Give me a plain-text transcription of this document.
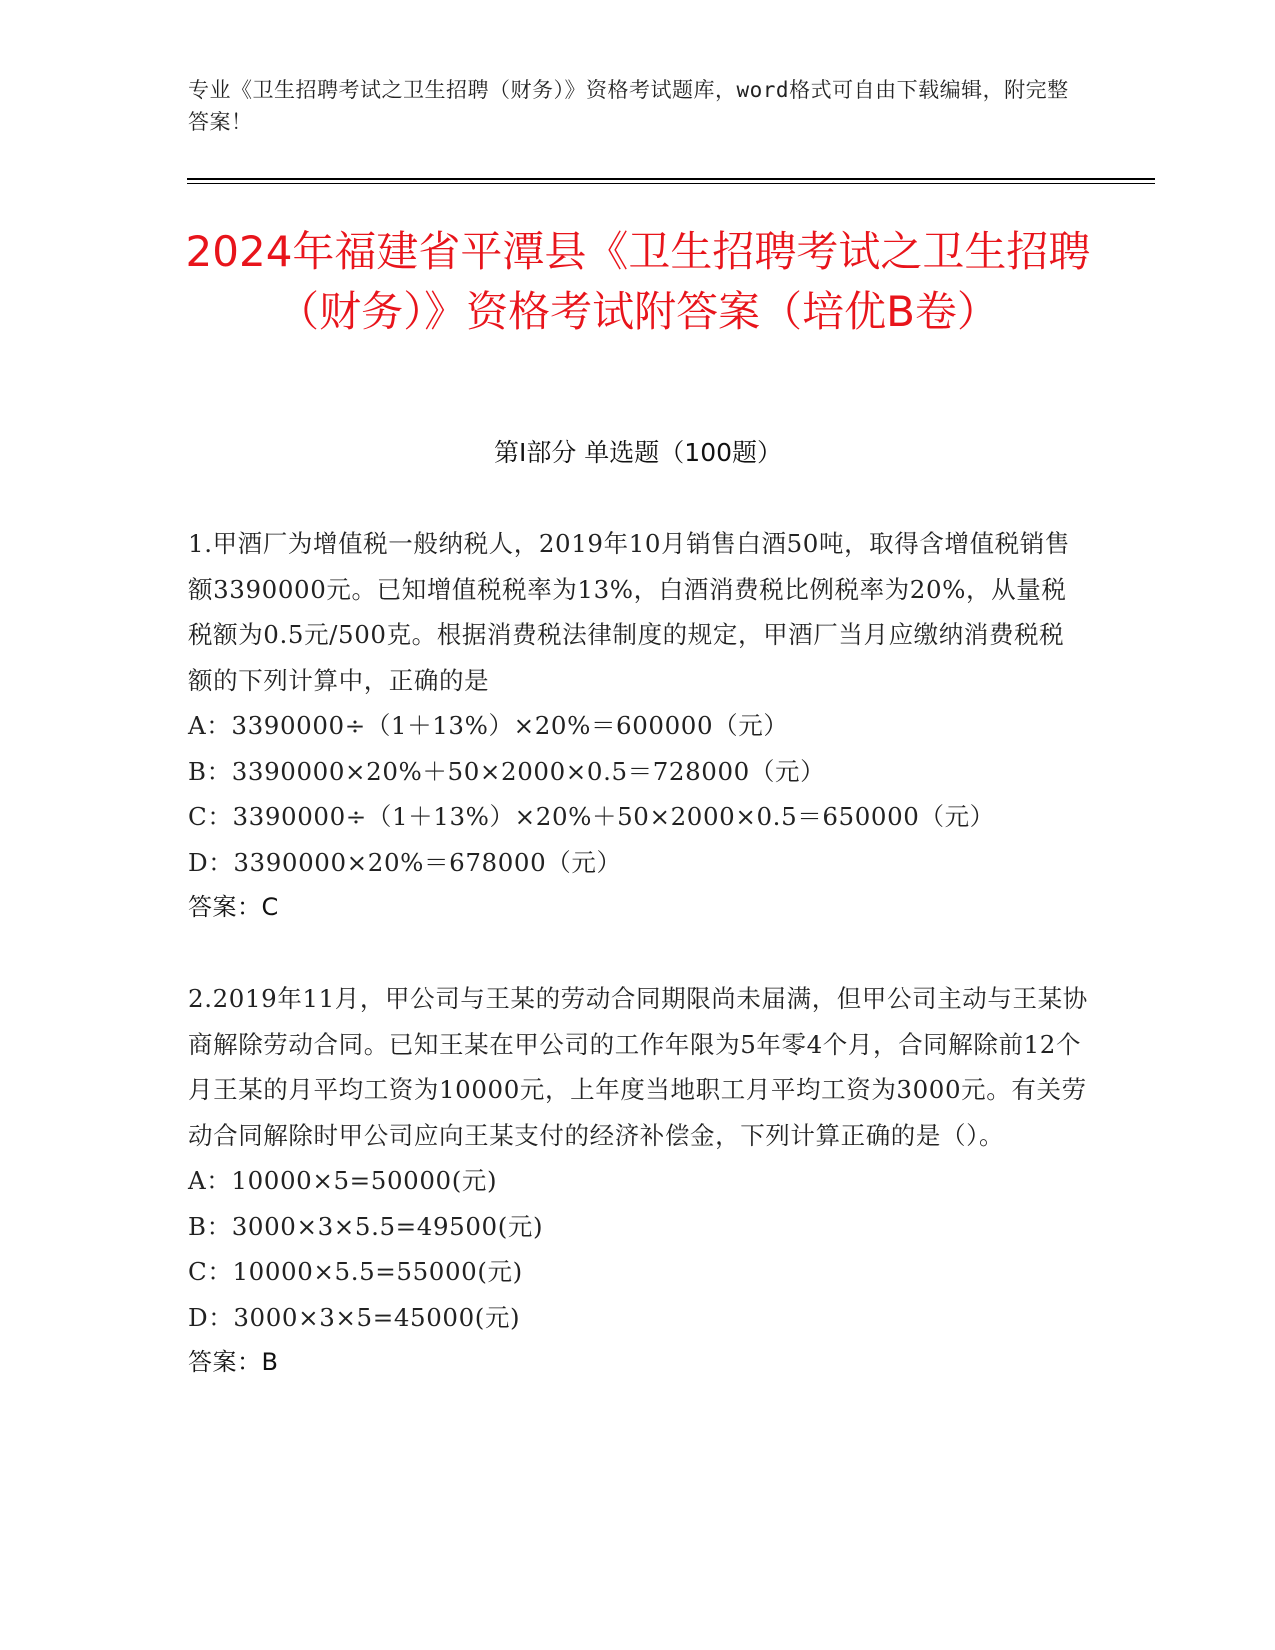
专业《卫生招聘考试之卫生招聘（财务）》资格考试题库，word格式可自由下载编辑，附完整答案！
2024年福建省平潭县《卫生招聘考试之卫生招聘（财务）》资格考试附答案（培优B卷）
第I部分 单选题（100题）

1.甲酒厂为增值税一般纳税人，2019年10月销售白酒50吨，取得含增值税销售额3390000元。已知增值税税率为13%，白酒消费税比例税率为20%，从量税税额为0.5元/500克。根据消费税法律制度的规定，甲酒厂当月应缴纳消费税税额的下列计算中，正确的是

A：3390000÷（1＋13%）×20%＝600000（元）

B：3390000×20%＋50×2000×0.5＝728000（元）

C：3390000÷（1＋13%）×20%＋50×2000×0.5＝650000（元）

D：3390000×20%＝678000（元）

答案：C

2.2019年11月，甲公司与王某的劳动合同期限尚未届满，但甲公司主动与王某协商解除劳动合同。已知王某在甲公司的工作年限为5年零4个月，合同解除前12个月王某的月平均工资为10000元，上年度当地职工月平均工资为3000元。有关劳动合同解除时甲公司应向王某支付的经济补偿金，下列计算正确的是（）。

A：10000×5=50000(元)

B：3000×3×5.5=49500(元)

C：10000×5.5=55000(元)

D：3000×3×5=45000(元)

答案：B
